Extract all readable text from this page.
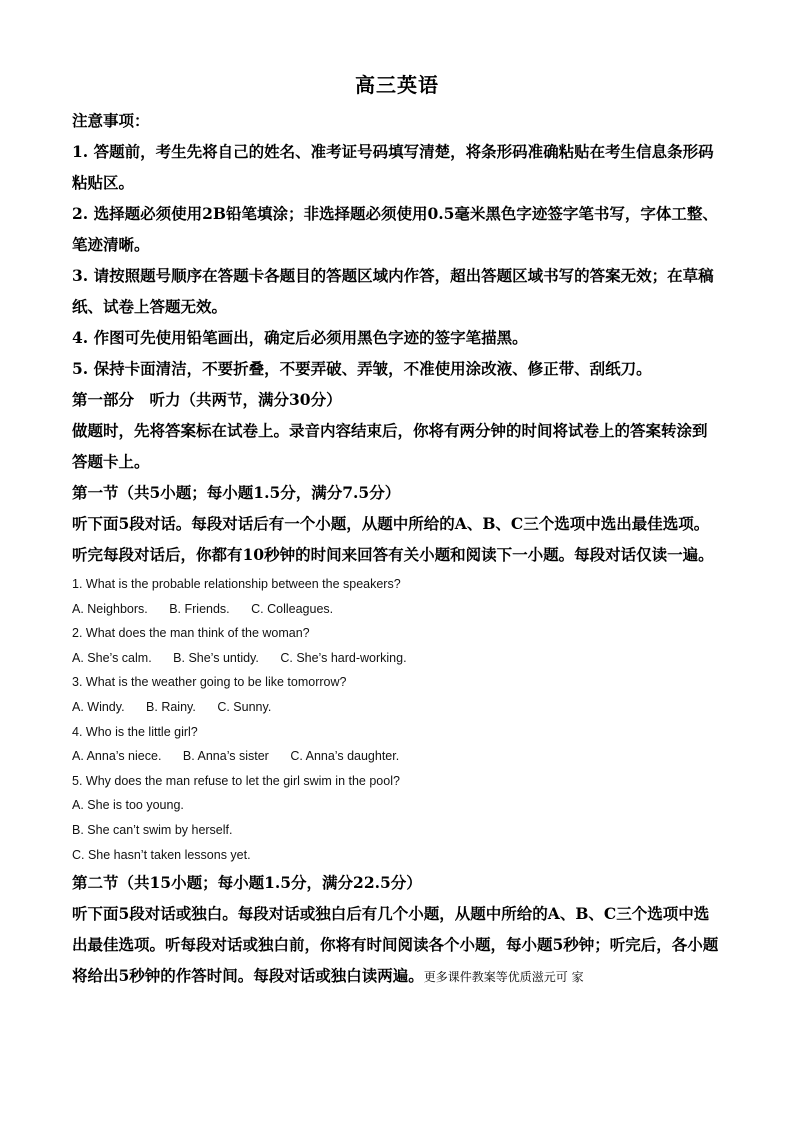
高三英语

注意事项：

1. 答题前，考生先将自己的姓名、准考证号码填写清楚，将条形码准确粘贴在考生信息条形码粘贴区。

2. 选择题必须使用2B铅笔填涂；非选择题必须使用0.5毫米黑色字迹签字笔书写，字体工整、笔迹清晰。

3. 请按照题号顺序在答题卡各题目的答题区域内作答，超出答题区域书写的答案无效；在草稿纸、试卷上答题无效。

4. 作图可先使用铅笔画出，确定后必须用黑色字迹的签字笔描黑。

5. 保持卡面清洁，不要折叠，不要弄破、弄皱，不准使用涂改液、修正带、刮纸刀。

第一部分　听力（共两节，满分30分）

做题时，先将答案标在试卷上。录音内容结束后，你将有两分钟的时间将试卷上的答案转涂到答题卡上。

第一节（共5小题；每小题1.5分，满分7.5分）

听下面5段对话。每段对话后有一个小题，从题中所给的A、B、C三个选项中选出最佳选项。听完每段对话后，你都有10秒钟的时间来回答有关小题和阅读下一小题。每段对话仅读一遍。

1. What is the probable relationship between the speakers?

A. Neighbors. B. Friends. C. Colleagues.

2. What does the man think of the woman?

A. She’s calm. B. She’s untidy. C. She’s hard-working.

3. What is the weather going to be like tomorrow?

A. Windy. B. Rainy. C. Sunny.

4. Who is the little girl?

A. Anna’s niece. B. Anna’s sister C. Anna’s daughter.

5. Why does the man refuse to let the girl swim in the pool?

A. She is too young.

B. She can’t swim by herself.

C. She hasn’t taken lessons yet.

第二节（共15小题；每小题1.5分，满分22.5分）

听下面5段对话或独白。每段对话或独白后有几个小题，从题中所给的A、B、C三个选项中选出最佳选项。听每段对话或独白前，你将有时间阅读各个小题，每小题5秒钟；听完后，各小题将给出5秒钟的作答时间。每段对话或独白读两遍。更多课件教案等优质滋元可 家
